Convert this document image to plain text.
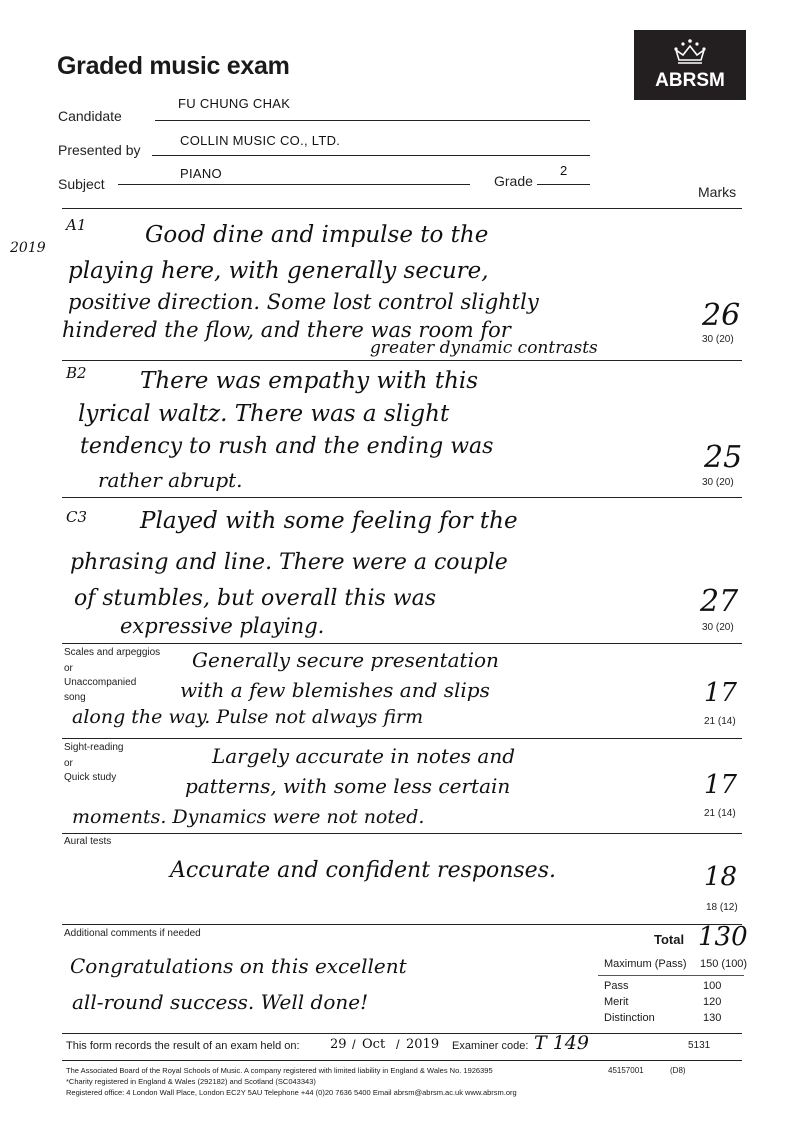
Graded music exam
ABRSM
Candidate
FU CHUNG CHAK
Presented by
COLLIN MUSIC CO., LTD.
Subject
PIANO	Grade
2
Marks
2019
A1	Good dine and impulse to the
playing here, with generally secure,
positive direction. Some lost control slightly
hindered the flow, and there was room for
greater dynamic contrasts
26
30 (20)
B2 There was empathy with this
lyrical waltz. There was a slight
tendency to rush and the ending was
rather abrupt.
25
30 (20)
C3 Played with some feeling for the
phrasing and line. There were a couple
of stumbles, but overall this was
expressive playing.
27
30 (20)
Scales and arpeggios
or
Unaccompanied
song
Generally secure presentation
with a few blemishes and slips
along the way. Pulse not always firm
17
21 (14)
Sight-reading
or
Quick study
Largely accurate in notes and
patterns, with some less certain
moments. Dynamics were not noted.
17
21 (14)
Aural tests
Accurate and confident responses.	18
18 (12)
Additional comments if needed
Congratulations on this excellent
all-round success. Well done!
Total 130
Maximum (Pass) 150 (100)
Pass	100
Merit	120
Distinction	130
This form records the result of an exam held on: 29 / Oct / 2019 Examiner code: T 149	5131
The Associated Board of the Royal Schools of Music. A company registered with limited liability in England & Wales No. 1926395	45157001	(D8)
*Charity registered in England & Wales (292182) and Scotland (SC043343)
Registered office: 4 London Wall Place, London EC2Y 5AU Telephone +44 (0)20 7636 5400 Email abrsm@abrsm.ac.uk www.abrsm.org
